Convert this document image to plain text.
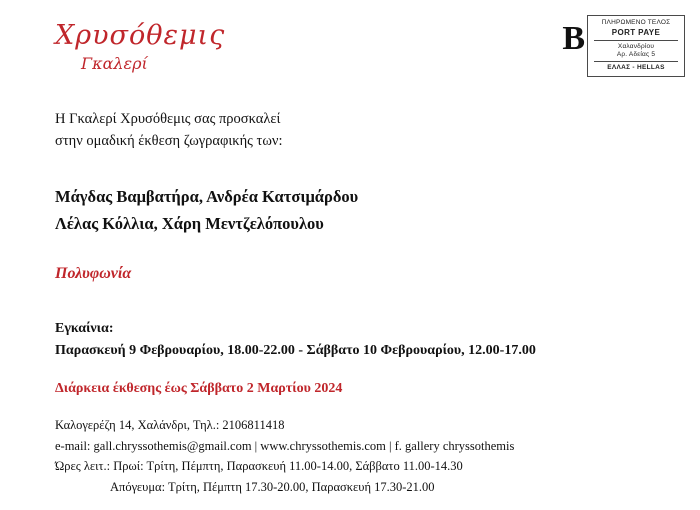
Χρυσόθεμις
Γκαλερί
B	ΠΛΗΡΩΜΕΝΟ ΤΕΛΟΣ
PORT PAYE
Χαλανδρίου
Αρ. Αδείας 5
ΕΛΛΑΣ - HELLAS
Η Γκαλερί Χρυσόθεμις σας προσκαλεί
στην ομαδική έκθεση ζωγραφικής των:
Μάγδας Βαμβατήρα, Ανδρέα Κατσιμάρδου
Λέλας Κόλλια, Χάρη Μεντζελόπουλου
Πολυφωνία
Εγκαίνια:
Παρασκευή 9 Φεβρουαρίου, 18.00-22.00 - Σάββατο 10 Φεβρουαρίου, 12.00-17.00
Διάρκεια έκθεσης έως Σάββατο 2 Μαρτίου 2024
Καλογερέζη 14, Χαλάνδρι, Τηλ.: 2106811418
e-mail: gall.chryssothemis@gmail.com | www.chryssothemis.com | f. gallery chryssothemis
Ώρες λειτ.: Πρωί: Τρίτη, Πέμπτη, Παρασκευή 11.00-14.00, Σάββατο 11.00-14.30
Απόγευμα: Τρίτη, Πέμπτη 17.30-20.00, Παρασκευή 17.30-21.00
